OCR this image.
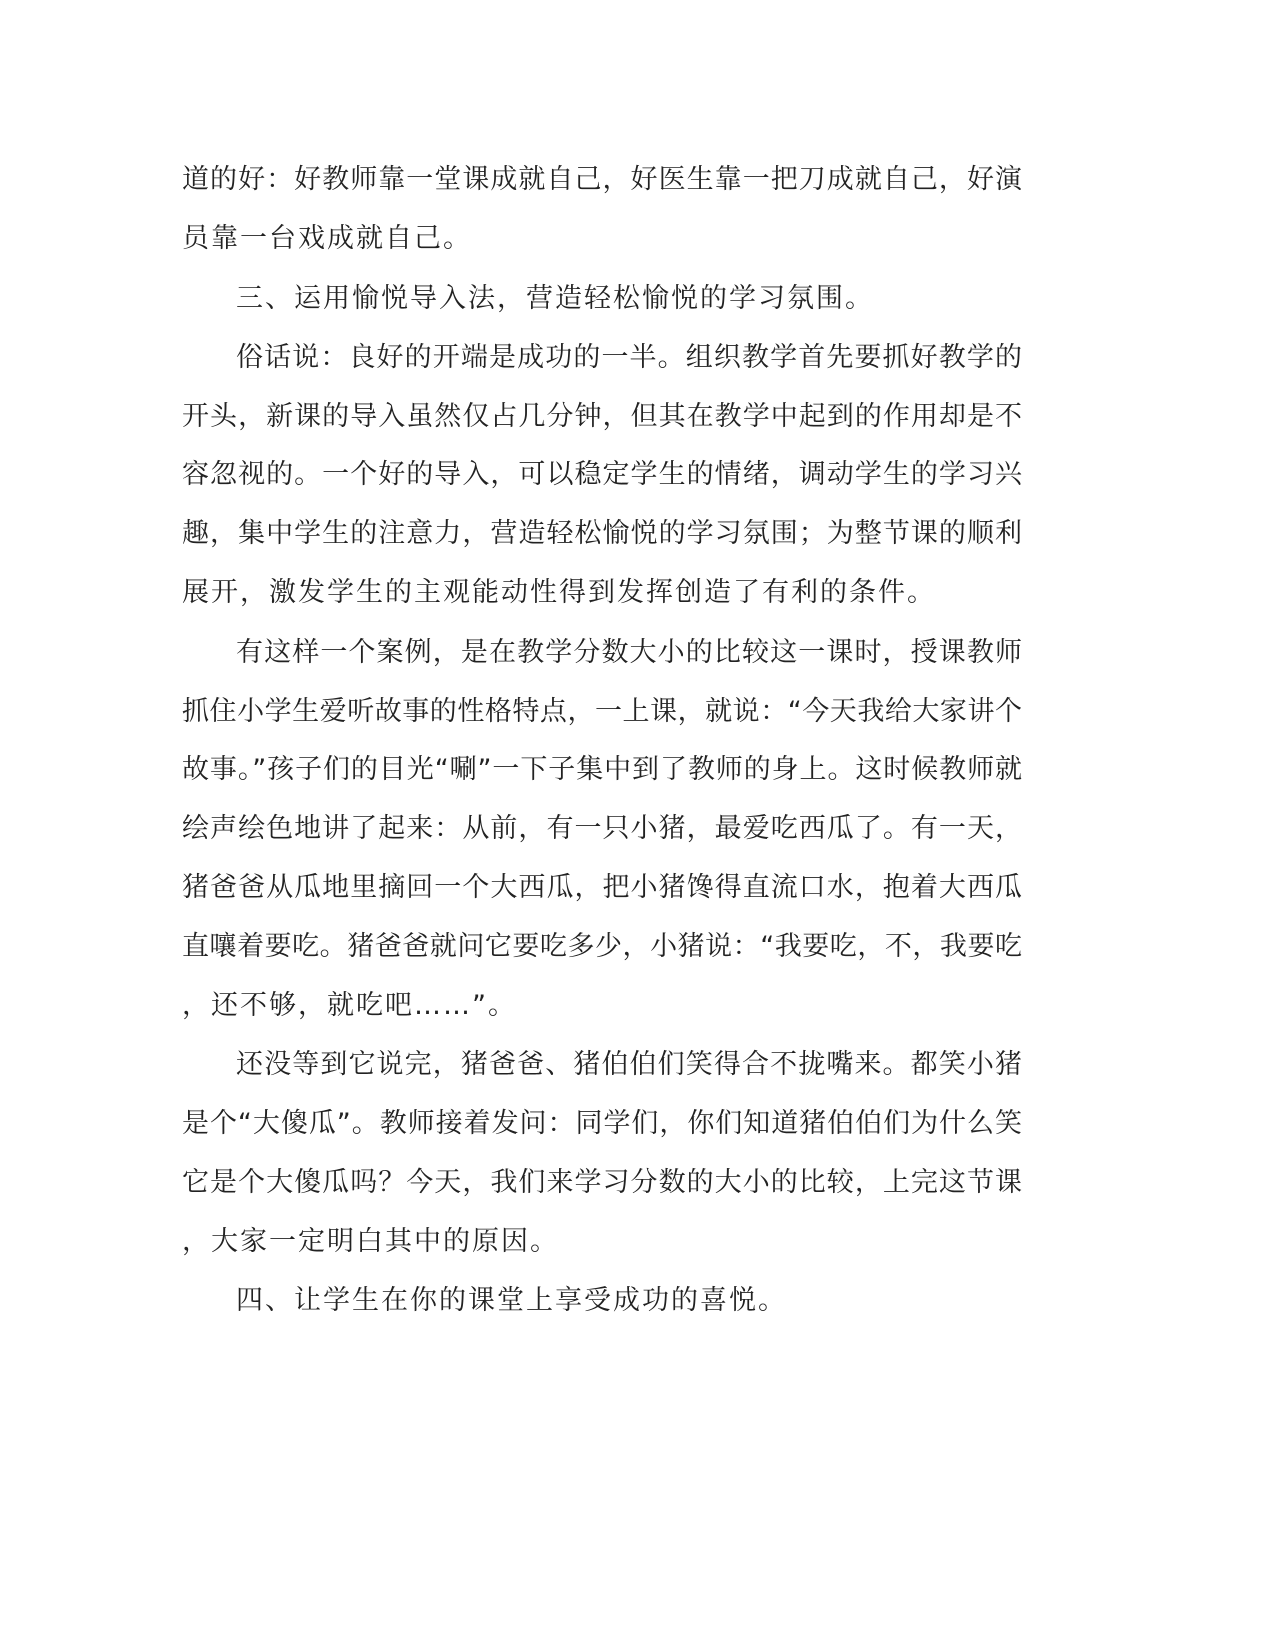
道的好：好教师靠一堂课成就自己，好医生靠一把刀成就自己，好演
员靠一台戏成就自己。
三、运用愉悦导入法，营造轻松愉悦的学习氛围。
俗话说：良好的开端是成功的一半。组织教学首先要抓好教学的
开头，新课的导入虽然仅占几分钟，但其在教学中起到的作用却是不
容忽视的。一个好的导入，可以稳定学生的情绪，调动学生的学习兴
趣，集中学生的注意力，营造轻松愉悦的学习氛围；为整节课的顺利
展开，激发学生的主观能动性得到发挥创造了有利的条件。
有这样一个案例，是在教学分数大小的比较这一课时，授课教师
抓住小学生爱听故事的性格特点，一上课，就说：“今天我给大家讲个
故事。”孩子们的目光“唰”一下子集中到了教师的身上。这时候教师就
绘声绘色地讲了起来：从前，有一只小猪，最爱吃西瓜了。有一天，
猪爸爸从瓜地里摘回一个大西瓜，把小猪馋得直流口水，抱着大西瓜
直嚷着要吃。猪爸爸就问它要吃多少，小猪说：“我要吃，不，我要吃
，还不够，就吃吧……”。
还没等到它说完，猪爸爸、猪伯伯们笑得合不拢嘴来。都笑小猪
是个“大傻瓜”。教师接着发问：同学们，你们知道猪伯伯们为什么笑
它是个大傻瓜吗？今天，我们来学习分数的大小的比较，上完这节课
，大家一定明白其中的原因。
四、让学生在你的课堂上享受成功的喜悦。
